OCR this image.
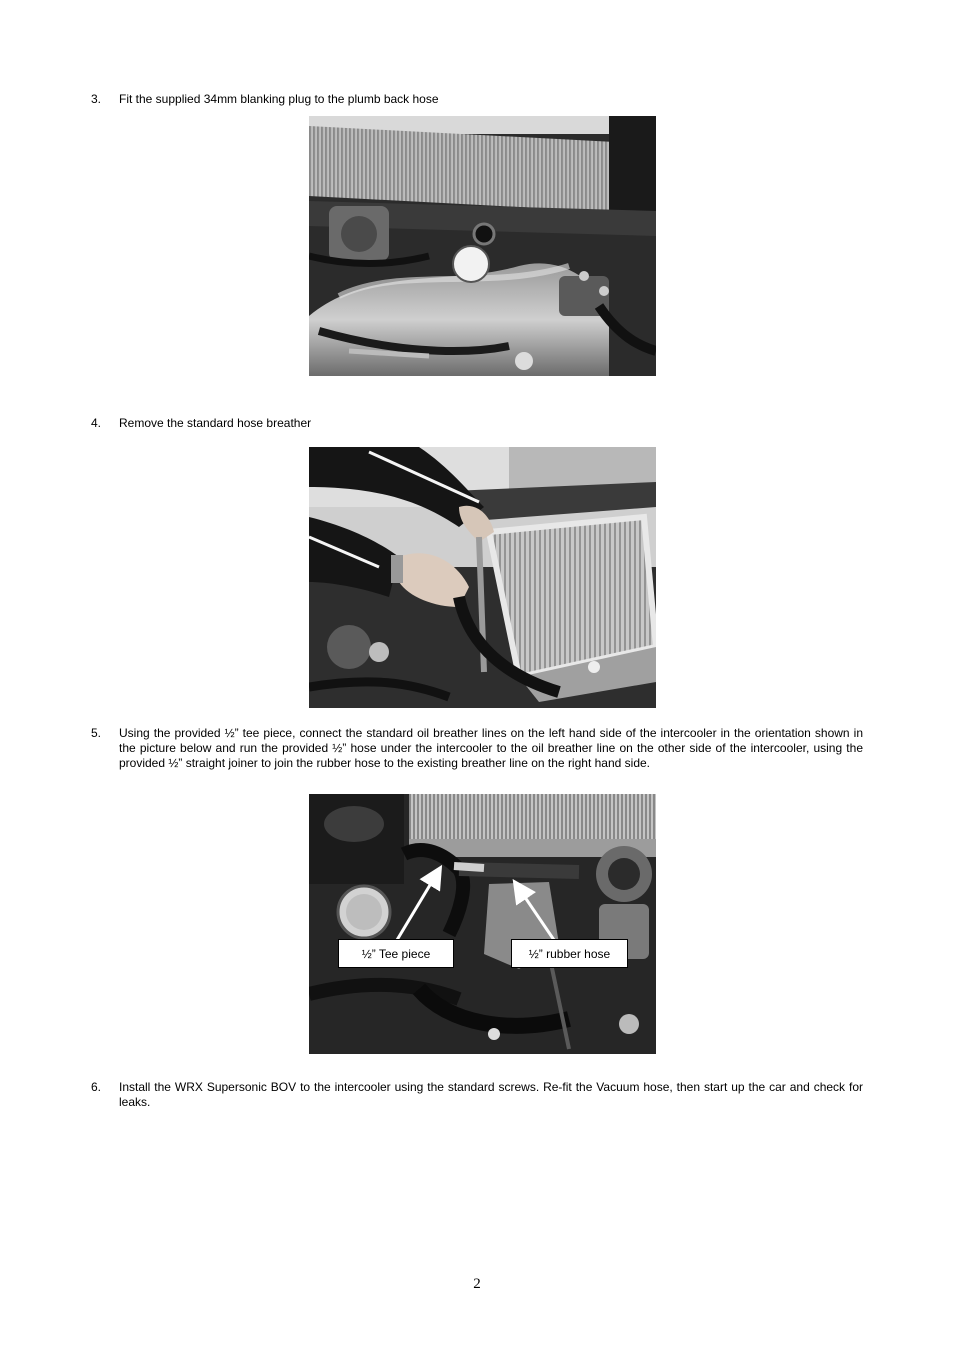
3. Fit the supplied 34mm blanking plug to the plumb back hose
4. Remove the standard hose breather
5. Using the provided ½” tee piece, connect the standard oil breather lines on the left hand side of the intercooler in the orientation shown in the picture below and run the provided ½” hose under the intercooler to the oil breather line on the other side of the intercooler, using the provided ½” straight joiner to join the rubber hose to the existing breather line on the right hand side.
½” Tee piece	½” rubber hose
6. Install the WRX Supersonic BOV to the intercooler using the standard screws. Re-fit the Vacuum hose, then start up the car and check for leaks.
2
